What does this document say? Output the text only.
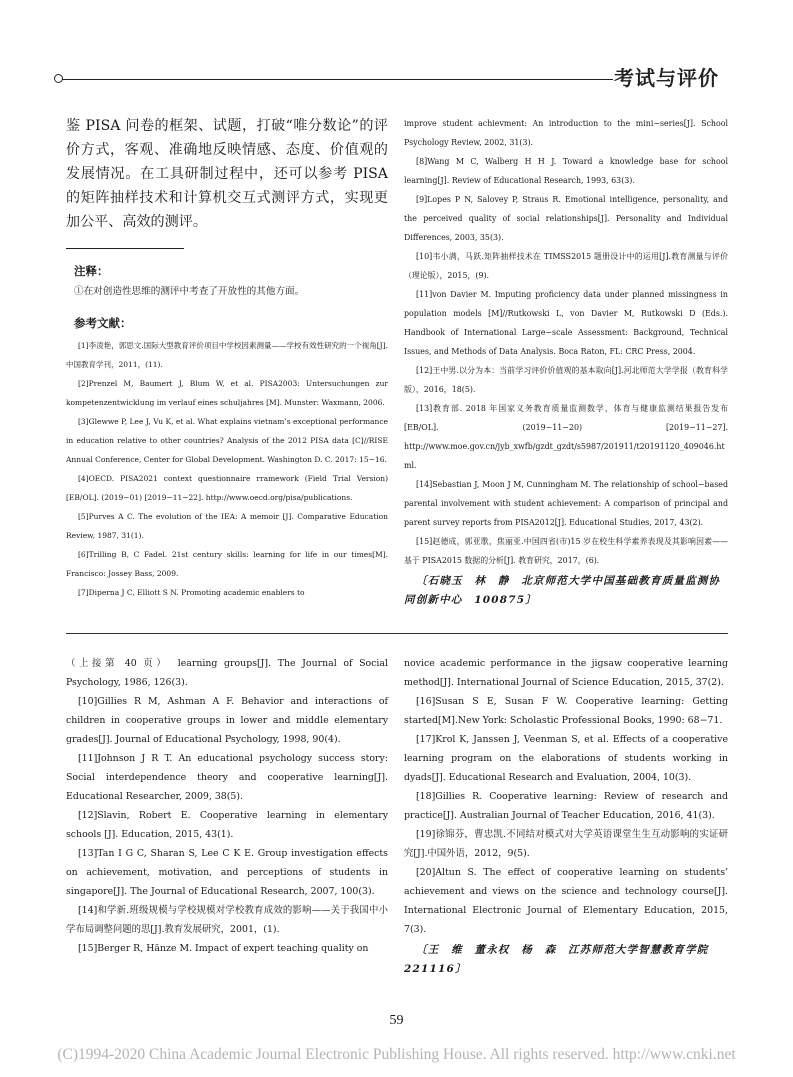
考试与评价

鉴 PISA 问卷的框架、试题，打破“唯分数论”的评价方式，客观、准确地反映情感、态度、价值观的发展情况。在工具研制过程中，还可以参考 PISA 的矩阵抽样技术和计算机交互式测评方式，实现更加公平、高效的测评。

注释：
①在对创造性思维的测评中考查了开放性的其他方面。
参考文献：

[1]李凌艳，郭思文.国际大型教育评价项目中学校因素测量——学校有效性研究的一个视角[J].中国教育学刊，2011，(11).

[2]Prenzel M, Baumert J, Blum W, et al. PISA2003: Untersuchungen zur kompetenzentwicklung im verlauf eines schuljahres [M]. Munster: Waxmann, 2006.

[3]Glewwe P, Lee J, Vu K, et al. What explains vietnam’s exceptional performance in education relative to other countries? Analysis of the 2012 PISA data [C]//RISE Annual Conference, Center for Global Development. Washington D. C. 2017: 15−16.

[4]OECD. PISA2021 context questionnaire rramework (Field Trial Version)[EB/OL]. (2019−01) [2019−11−22]. http://www.oecd.org/pisa/publications.

[5]Purves A C. The evolution of the IEA: A memoir [J]. Comparative Education Review, 1987, 31(1).

[6]Trilling B, C Fadel. 21st century skills: learning for life in our times[M]. Francisco: Jossey Bass, 2009.

[7]Diperna J C, Elliott S N. Promoting academic enablers to

improve student achievment: An introduction to the mini−series[J]. School Psychology Review, 2002, 31(3).

[8]Wang M C, Walberg H H J. Toward a knowledge base for school learning[J]. Review of Educational Research, 1993, 63(3).

[9]Lopes P N, Salovey P, Straus R. Emotional intelligence, personality, and the perceived quality of social relationships[J]. Personality and Individual Differences, 2003, 35(3).

[10]韦小满，马跃.矩阵抽样技术在 TIMSS2015 题册设计中的运用[J].教育测量与评价（理论版），2015，(9).

[11]von Davier M. Imputing proficiency data under planned missingness in population models [M]//Rutkowski L, von Davier M, Rutkowski D (Eds.). Handbook of International Large−scale Assessment: Background, Technical Issues, and Methods of Data Analysis. Boca Raton, FL: CRC Press, 2004.

[12]王中男.以分为本：当前学习评价价值观的基本取向[J].河北师范大学学报（教育科学版），2016，18(5).

[13]教育部. 2018 年国家义务教育质量监测数学、体育与健康监测结果报告发布[EB/OL]. (2019−11−20) [2019−11−27]. http://www.moe.gov.cn/jyb_xwfb/gzdt_gzdt/s5987/201911/t20191120_409046.html.

[14]Sebastian J, Moon J M, Cunningham M. The relationship of school−based parental involvement with student achievement: A comparison of principal and parent survey reports from PISA2012[J]. Educational Studies, 2017, 43(2).

[15]赵德成，郭亚歌，焦丽亚.中国四省(市)15 岁在校生科学素养表现及其影响因素——基于 PISA2015 数据的分析[J]. 教育研究，2017，(6).

〔石晓玉　林　静　北京师范大学中国基础教育质量监测协同创新中心　100875〕

（上接第 40 页）　 learning groups[J]. The Journal of Social Psychology, 1986, 126(3).

[10]Gillies R M, Ashman A F. Behavior and interactions of children in cooperative groups in lower and middle elementary grades[J]. Journal of Educational Psychology, 1998, 90(4).

[11]Johnson J R T. An educational psychology success story: Social interdependence theory and cooperative learning[J]. Educational Researcher, 2009, 38(5).

[12]Slavin, Robert E. Cooperative learning in elementary schools [J]. Education, 2015, 43(1).

[13]Tan I G C, Sharan S, Lee C K E. Group investigation effects on achievement, motivation, and perceptions of students in singapore[J]. The Journal of Educational Research, 2007, 100(3).

[14]和学新.班级规模与学校规模对学校教育成效的影响——关于我国中小学布局调整问题的思[J].教育发展研究，2001，(1).

[15]Berger R, Hänze M. Impact of expert teaching quality on

novice academic performance in the jigsaw cooperative learning method[J]. International Journal of Science Education, 2015, 37(2).

[16]Susan S E, Susan F W. Cooperative learning: Getting started[M].New York: Scholastic Professional Books, 1990: 68−71.

[17]Krol K, Janssen J, Veenman S, et al. Effects of a cooperative learning program on the elaborations of students working in dyads[J]. Educational Research and Evaluation, 2004, 10(3).

[18]Gillies R. Cooperative learning: Review of research and practice[J]. Australian Journal of Teacher Education, 2016, 41(3).

[19]徐锦芬，曹忠凯.不同结对模式对大学英语课堂生生互动影响的实证研究[J].中国外语，2012，9(5).

[20]Altun S. The effect of cooperative learning on students’ achievement and views on the science and technology course[J]. International Electronic Journal of Elementary Education, 2015, 7(3).

〔王　维　董永权　杨　森　江苏师范大学智慧教育学院　221116〕

59
(C)1994-2020 China Academic Journal Electronic Publishing House. All rights reserved. http://www.cnki.net
